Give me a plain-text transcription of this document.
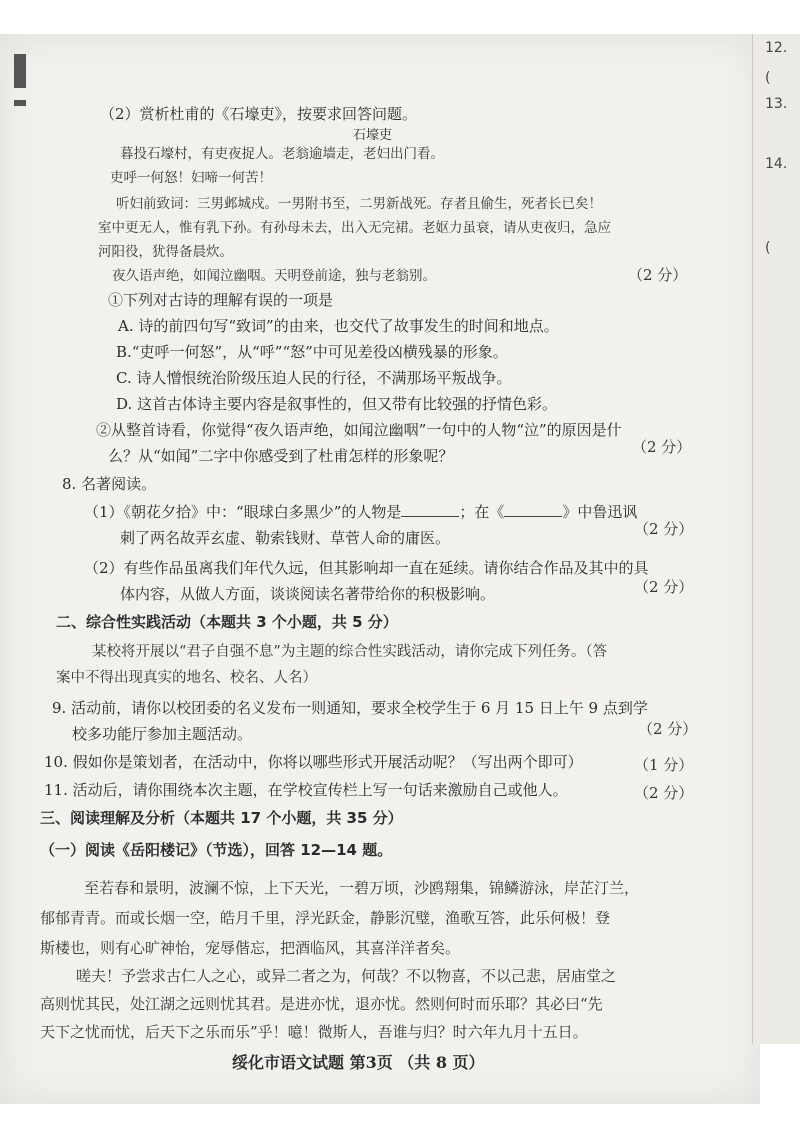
12.
(
13.
14.
(
（2）赏析杜甫的《石壕吏》，按要求回答问题。
石壕吏
暮投石壕村，有吏夜捉人。老翁逾墙走，老妇出门看。
吏呼一何怒！妇啼一何苦！
听妇前致词：三男邺城戍。一男附书至，二男新战死。存者且偷生，死者长已矣！
室中更无人，惟有乳下孙。有孙母未去，出入无完裙。老妪力虽衰，请从吏夜归，急应
河阳役，犹得备晨炊。
夜久语声绝，如闻泣幽咽。天明登前途，独与老翁别。
①下列对古诗的理解有误的一项是
（2 分）
A. 诗的前四句写“致词”的由来，也交代了故事发生的时间和地点。
B.“吏呼一何怒”，从“呼”“怒”中可见差役凶横残暴的形象。
C. 诗人憎恨统治阶级压迫人民的行径，不满那场平叛战争。
D. 这首古体诗主要内容是叙事性的，但又带有比较强的抒情色彩。
②从整首诗看，你觉得“夜久语声绝，如闻泣幽咽”一句中的人物“泣”的原因是什
么？从“如闻”二字中你感受到了杜甫怎样的形象呢？	（2 分）
8. 名著阅读。
（1）《朝花夕拾》中：“眼球白多黑少”的人物是	；在《	》中鲁迅讽
刺了两名故弄玄虚、勒索钱财、草菅人命的庸医。	（2 分）
（2）有些作品虽离我们年代久远，但其影响却一直在延续。请你结合作品及其中的具
体内容，从做人方面，谈谈阅读名著带给你的积极影响。	（2 分）
二、综合性实践活动（本题共 3 个小题，共 5 分）
某校将开展以“君子自强不息”为主题的综合性实践活动，请你完成下列任务。（答
案中不得出现真实的地名、校名、人名）
9. 活动前，请你以校团委的名义发布一则通知，要求全校学生于 6 月 15 日上午 9 点到学
校多功能厅参加主题活动。	（2 分）
10. 假如你是策划者，在活动中，你将以哪些形式开展活动呢？（写出两个即可）	（1 分）
11. 活动后，请你围绕本次主题，在学校宣传栏上写一句话来激励自己或他人。	（2 分）
三、阅读理解及分析（本题共 17 个小题，共 35 分）
（一）阅读《岳阳楼记》（节选），回答 12—14 题。
至若春和景明，波澜不惊，上下天光，一碧万顷，沙鸥翔集，锦鳞游泳，岸芷汀兰，
郁郁青青。而或长烟一空，皓月千里，浮光跃金，静影沉璧，渔歌互答，此乐何极！登
斯楼也，则有心旷神怡，宠辱偕忘，把酒临风，其喜洋洋者矣。
嗟夫！予尝求古仁人之心，或异二者之为，何哉？不以物喜，不以己悲，居庙堂之
高则忧其民，处江湖之远则忧其君。是进亦忧，退亦忧。然则何时而乐耶？其必曰“先
天下之忧而忧，后天下之乐而乐”乎！噫！微斯人，吾谁与归？时六年九月十五日。
绥化市语文试题 第3页 （共 8 页）
